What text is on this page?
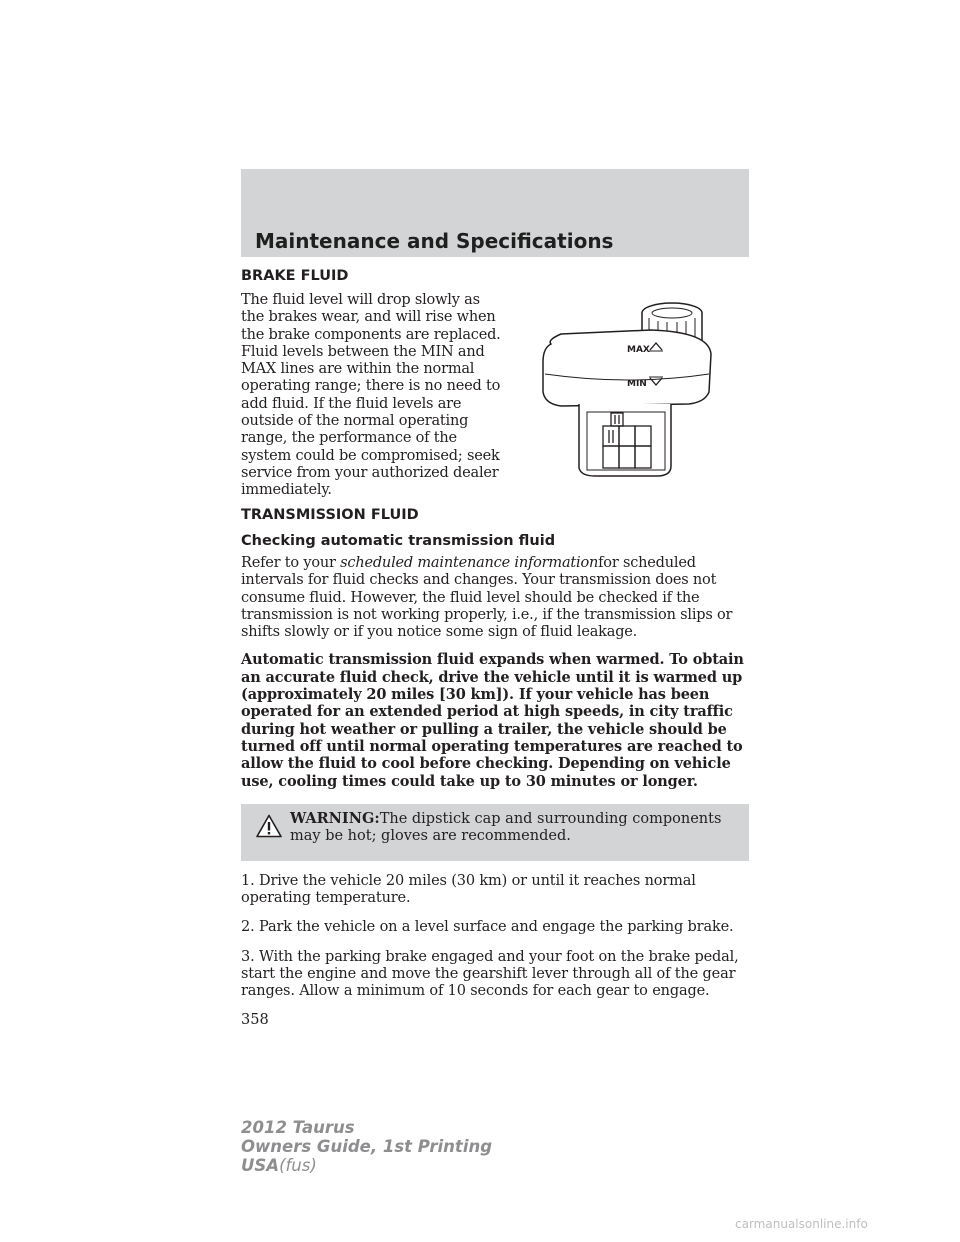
Maintenance and Specifications
BRAKE FLUID

The fluid level will drop slowly as the brakes wear, and will rise when the brake components are replaced. Fluid levels between the MIN and MAX lines are within the normal operating range; there is no need to add fluid. If the fluid levels are outside of the normal operating range, the performance of the system could be compromised; seek service from your authorized dealer immediately.

MAX
MIN
TRANSMISSION FLUID
Checking automatic transmission fluid

Refer to your scheduled maintenance informationfor scheduled intervals for fluid checks and changes. Your transmission does not consume fluid. However, the fluid level should be checked if the transmission is not working properly, i.e., if the transmission slips or shifts slowly or if you notice some sign of fluid leakage.

Automatic transmission fluid expands when warmed. To obtain an accurate fluid check, drive the vehicle until it is warmed up (approximately 20 miles [30 km]). If your vehicle has been operated for an extended period at high speeds, in city traffic during hot weather or pulling a trailer, the vehicle should be turned off until normal operating temperatures are reached to allow the fluid to cool before checking. Depending on vehicle use, cooling times could take up to 30 minutes or longer.

WARNING:The dipstick cap and surrounding components may be hot; gloves are recommended.

1. Drive the vehicle 20 miles (30 km) or until it reaches normal operating temperature.

2. Park the vehicle on a level surface and engage the parking brake.

3. With the parking brake engaged and your foot on the brake pedal, start the engine and move the gearshift lever through all of the gear ranges. Allow a minimum of 10 seconds for each gear to engage.

358
2012 Taurus
Owners Guide, 1st Printing
USA(fus)
carmanualsonline.info
